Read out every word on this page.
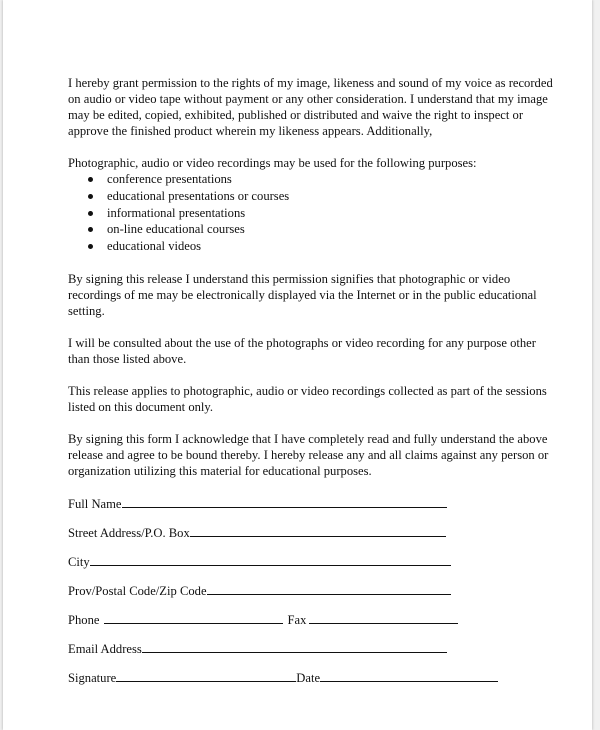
I hereby grant permission to the rights of my image, likeness and sound of my voice as recorded on audio or video tape without payment or any other consideration. I understand that my image may be edited, copied, exhibited, published or distributed and waive the right to inspect or approve the finished product wherein my likeness appears. Additionally,

Photographic, audio or video recordings may be used for the following purposes:

conference presentations
educational presentations or courses
informational presentations
on-line educational courses
educational videos

By signing this release I understand this permission signifies that photographic or video recordings of me may be electronically displayed via the Internet or in the public educational setting.

I will be consulted about the use of the photographs or video recording for any purpose other than those listed above.

This release applies to photographic, audio or video recordings collected as part of the sessions listed on this document only.

By signing this form I acknowledge that I have completely read and fully understand the above release and agree to be bound thereby. I hereby release any and all claims against any person or organization utilizing this material for educational purposes.

Full Name
Street Address/P.O. Box
City
Prov/Postal Code/Zip Code
Phone	Fax
Email Address
Signature	Date
